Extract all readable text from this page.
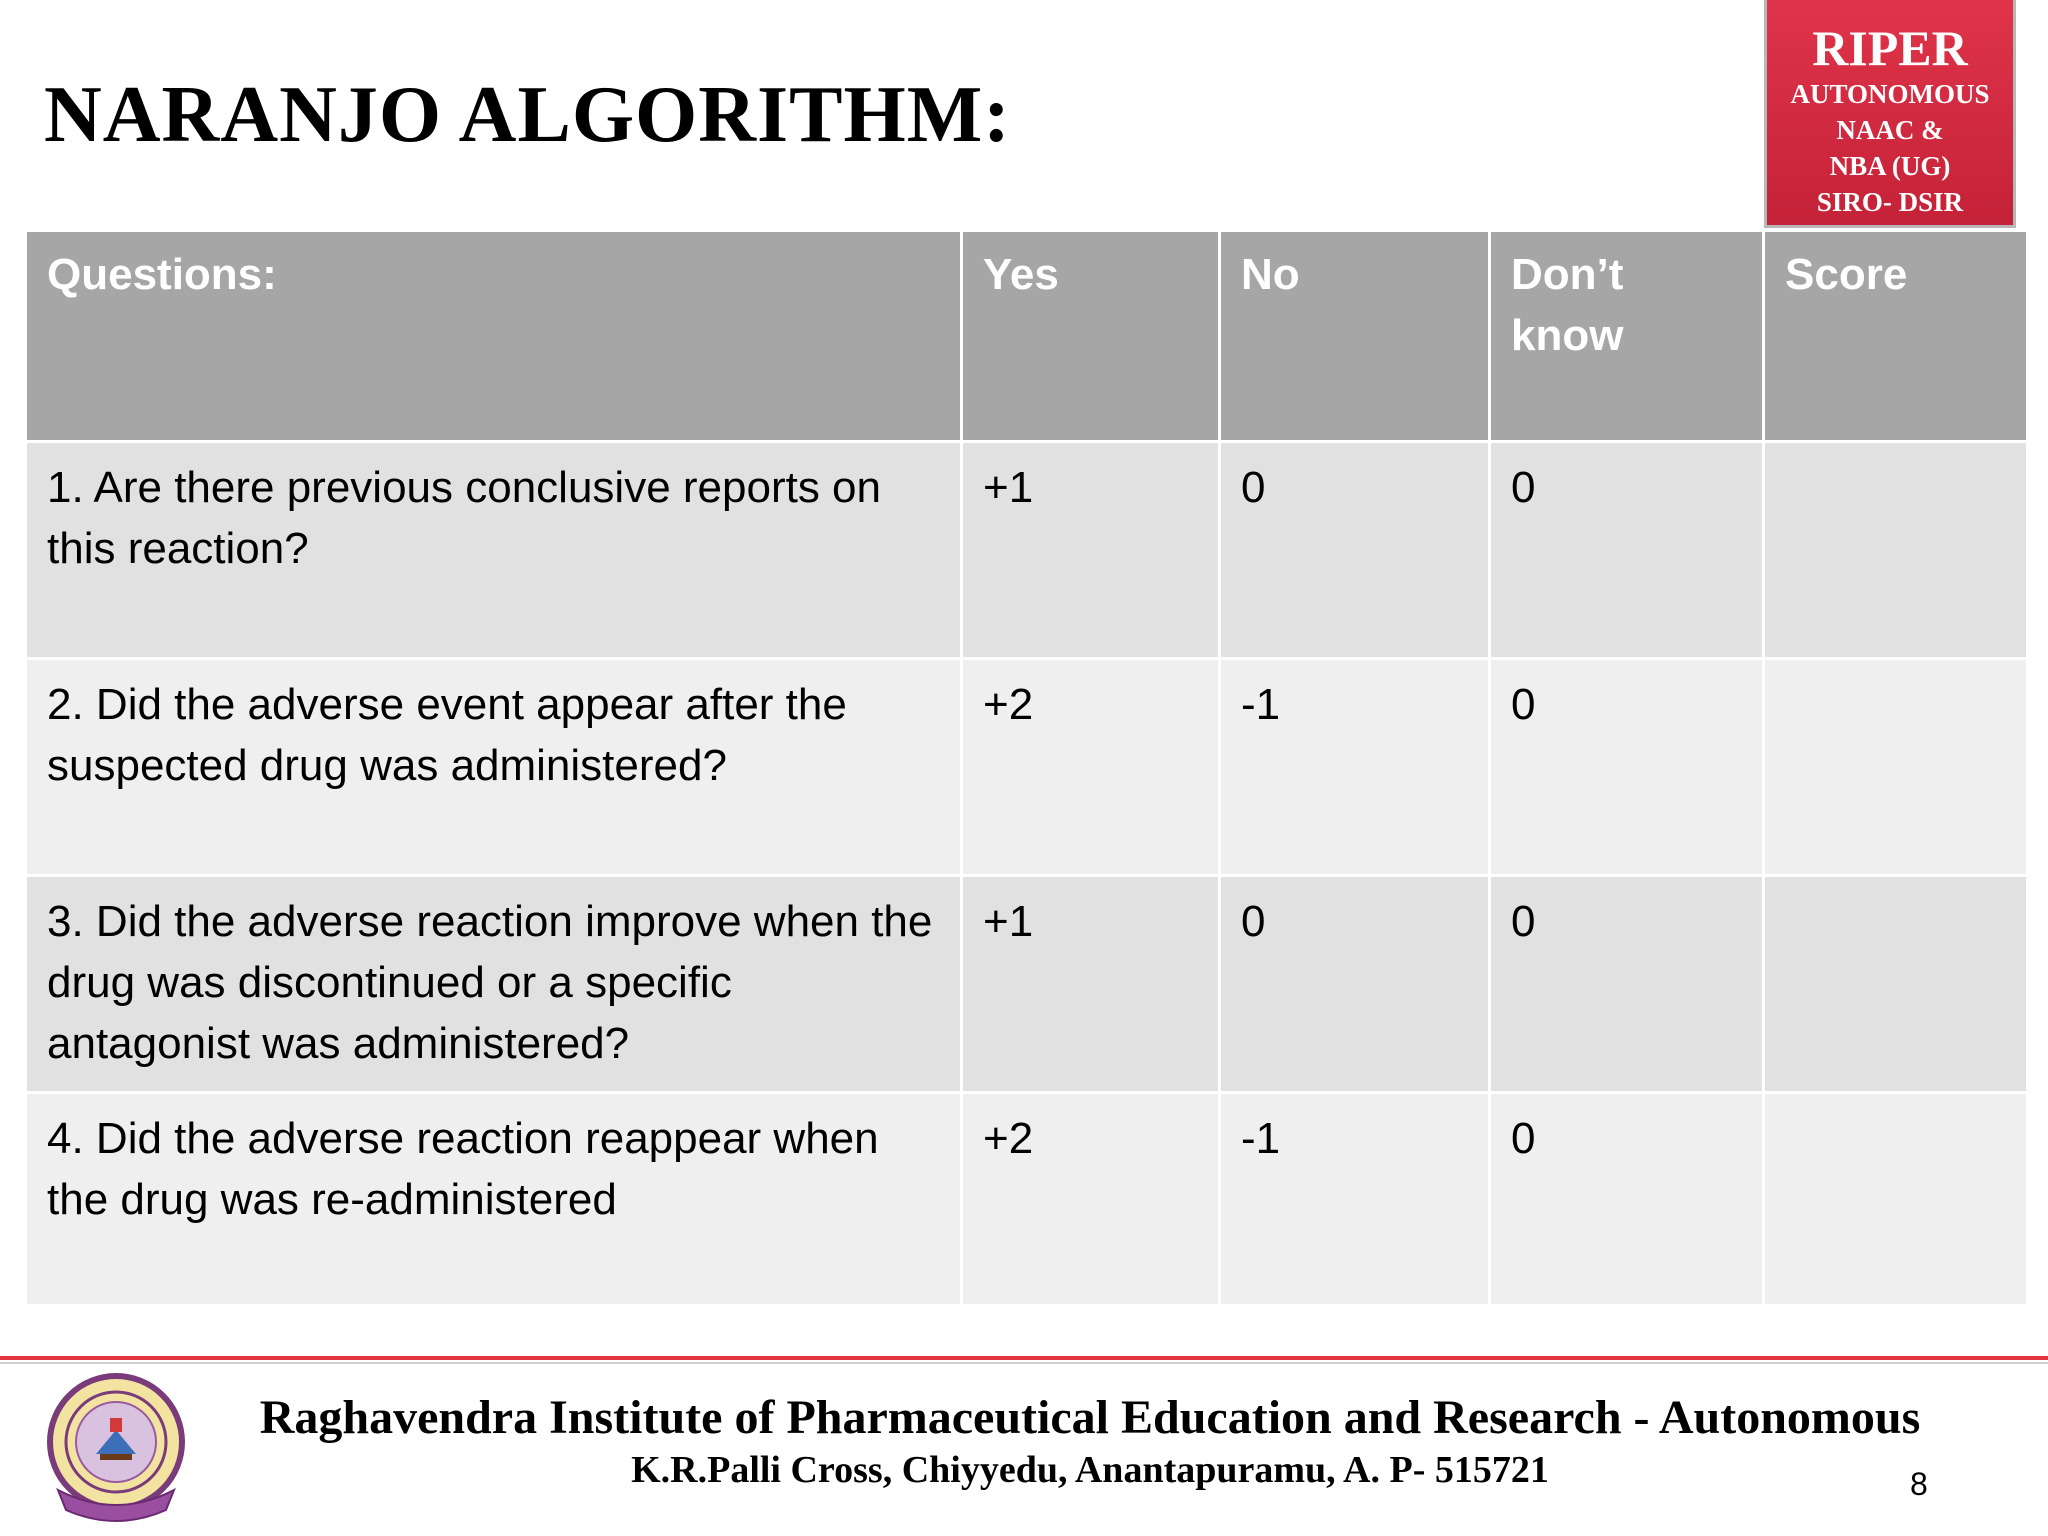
NARANJO ALGORITHM:
RIPER
AUTONOMOUS
NAAC &
NBA (UG)
SIRO- DSIR
Questions:	Yes	No	Don’t know	Score
1. Are there previous conclusive reports on this reaction?	+1	0	0	
2. Did the adverse event appear after the suspected drug was administered?	+2	-1	0	
3. Did the adverse reaction improve when the drug was discontinued or a specific antagonist was administered?	+1	0	0	
4. Did the adverse reaction reappear when the drug was re-administered	+2	-1	0	
Raghavendra Institute of Pharmaceutical Education and Research - Autonomous
K.R.Palli Cross, Chiyyedu, Anantapuramu, A. P- 515721	8
